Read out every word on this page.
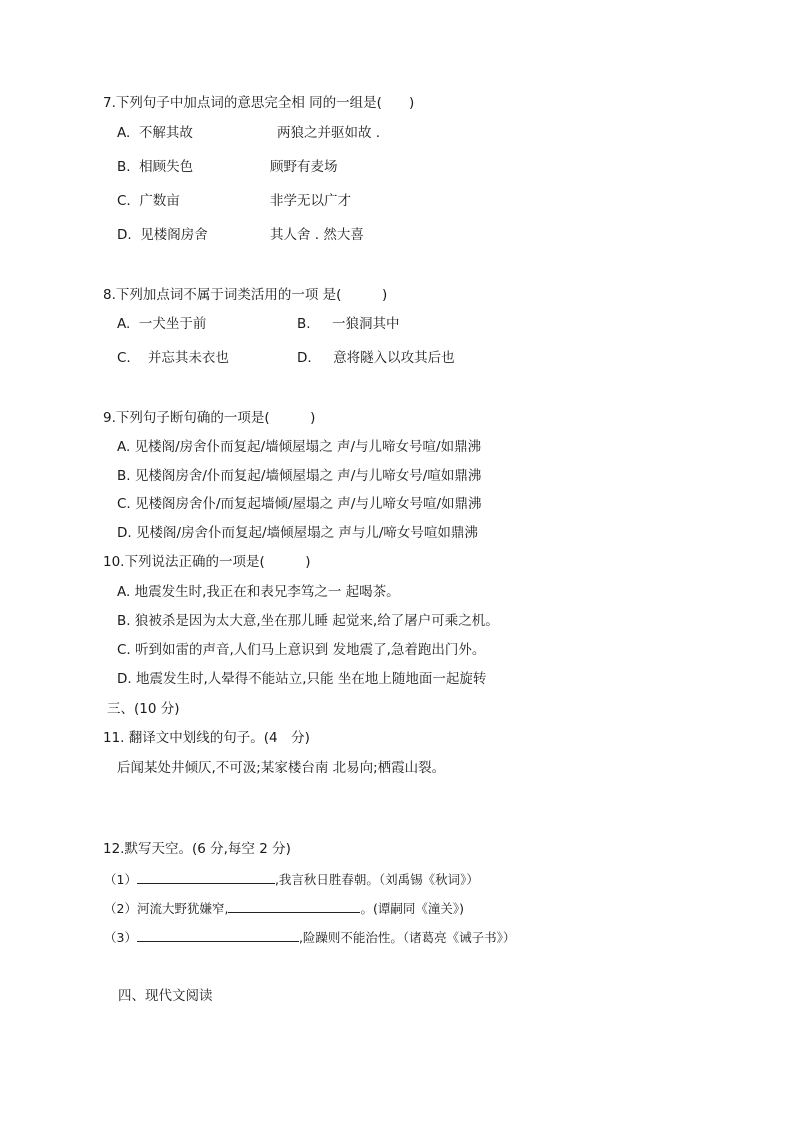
7.下列句子中加点词的意思完全相 同的一组是(　　)
A. 不解其故	两狼之并驱如故 .
B. 相顾失色	顾野有麦场
C. 广数亩	非学无以广才
D. 见楼阁房舍	其人舍 . 然大喜
8.下列加点词不属于词类活用的一项 是(　　　)
A. 一犬坐于前	B. 一狼洞其中
C. 并忘其未衣也	D. 意将隧入以攻其后也
9.下列句子断句确的一项是(　　　)
A. 见楼阁/房舍仆而复起/墙倾屋塌之 声/与儿啼女号喧/如鼎沸
B. 见楼阁房舍/仆而复起/墙倾屋塌之 声/与儿啼女号/喧如鼎沸
C. 见楼阁房舍仆/而复起墙倾/屋塌之 声/与儿啼女号喧/如鼎沸
D. 见楼阁/房舍仆而复起/墙倾屋塌之 声与儿/啼女号喧如鼎沸
10.下列说法正确的一项是(　　　)
A. 地震发生时,我正在和表兄李笃之一 起喝茶。
B. 狼被杀是因为太大意,坐在那儿睡 起觉来,给了屠户可乘之机。
C. 听到如雷的声音,人们马上意识到 发地震了,急着跑出门外。
D. 地震发生时,人晕得不能站立,只能 坐在地上随地面一起旋转
三、(10 分)
11. 翻译文中划线的句子。(4　分)
后闻某处井倾仄,不可汲;某家楼台南 北易向;栖霞山裂。
12.默写天空。(6 分,每空 2 分)
（1）	,我言秋日胜春朝。（刘禹锡《秋词》）
（2）河流大野犹嫌窄,	。(谭嗣同《潼关》)
（3）	,险躁则不能治性。（诸葛亮《诫子书》）
四、现代文阅读
